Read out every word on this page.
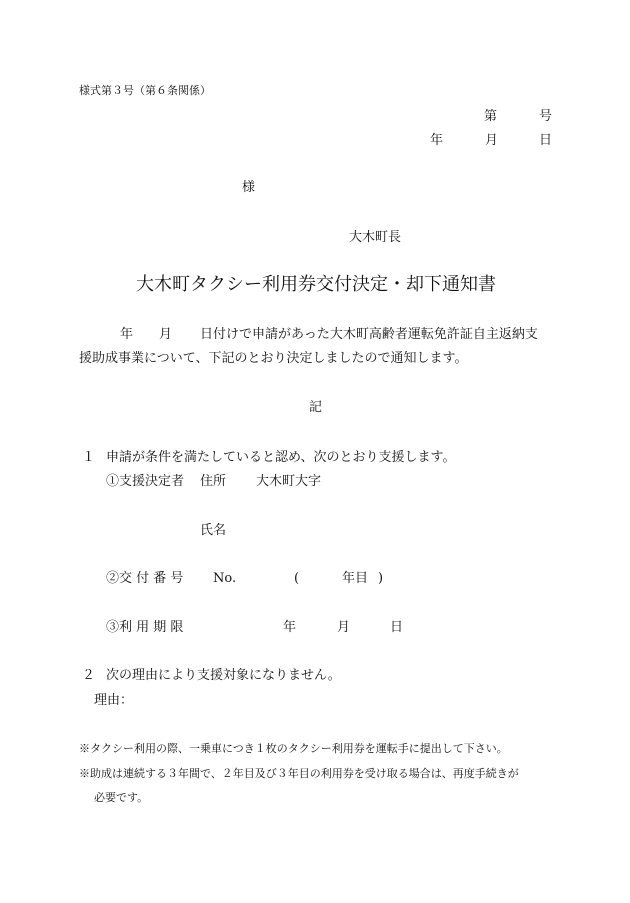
様式第３号（第６条関係）
第	号
年	月	日
様
大木町長
大木町タクシー利用券交付決定・却下通知書
年 月 日付けで申請があった大木町高齢者運転免許証自主返納支
援助成事業について、下記のとおり決定しましたので通知します。
記
１ 申請が条件を満たしていると認め、次のとおり支援します。
①支援決定者 住所 大木町大字
氏名
②交 付 番 号 No.	(	年目 )
③利 用 期 限	年	月	日
２ 次の理由により支援対象になりません。
理由：
※タクシー利用の際、一乗車につき１枚のタクシー利用券を運転手に提出して下さい。
※助成は連続する３年間で、２年目及び３年目の利用券を受け取る場合は、再度手続きが
必要です。
